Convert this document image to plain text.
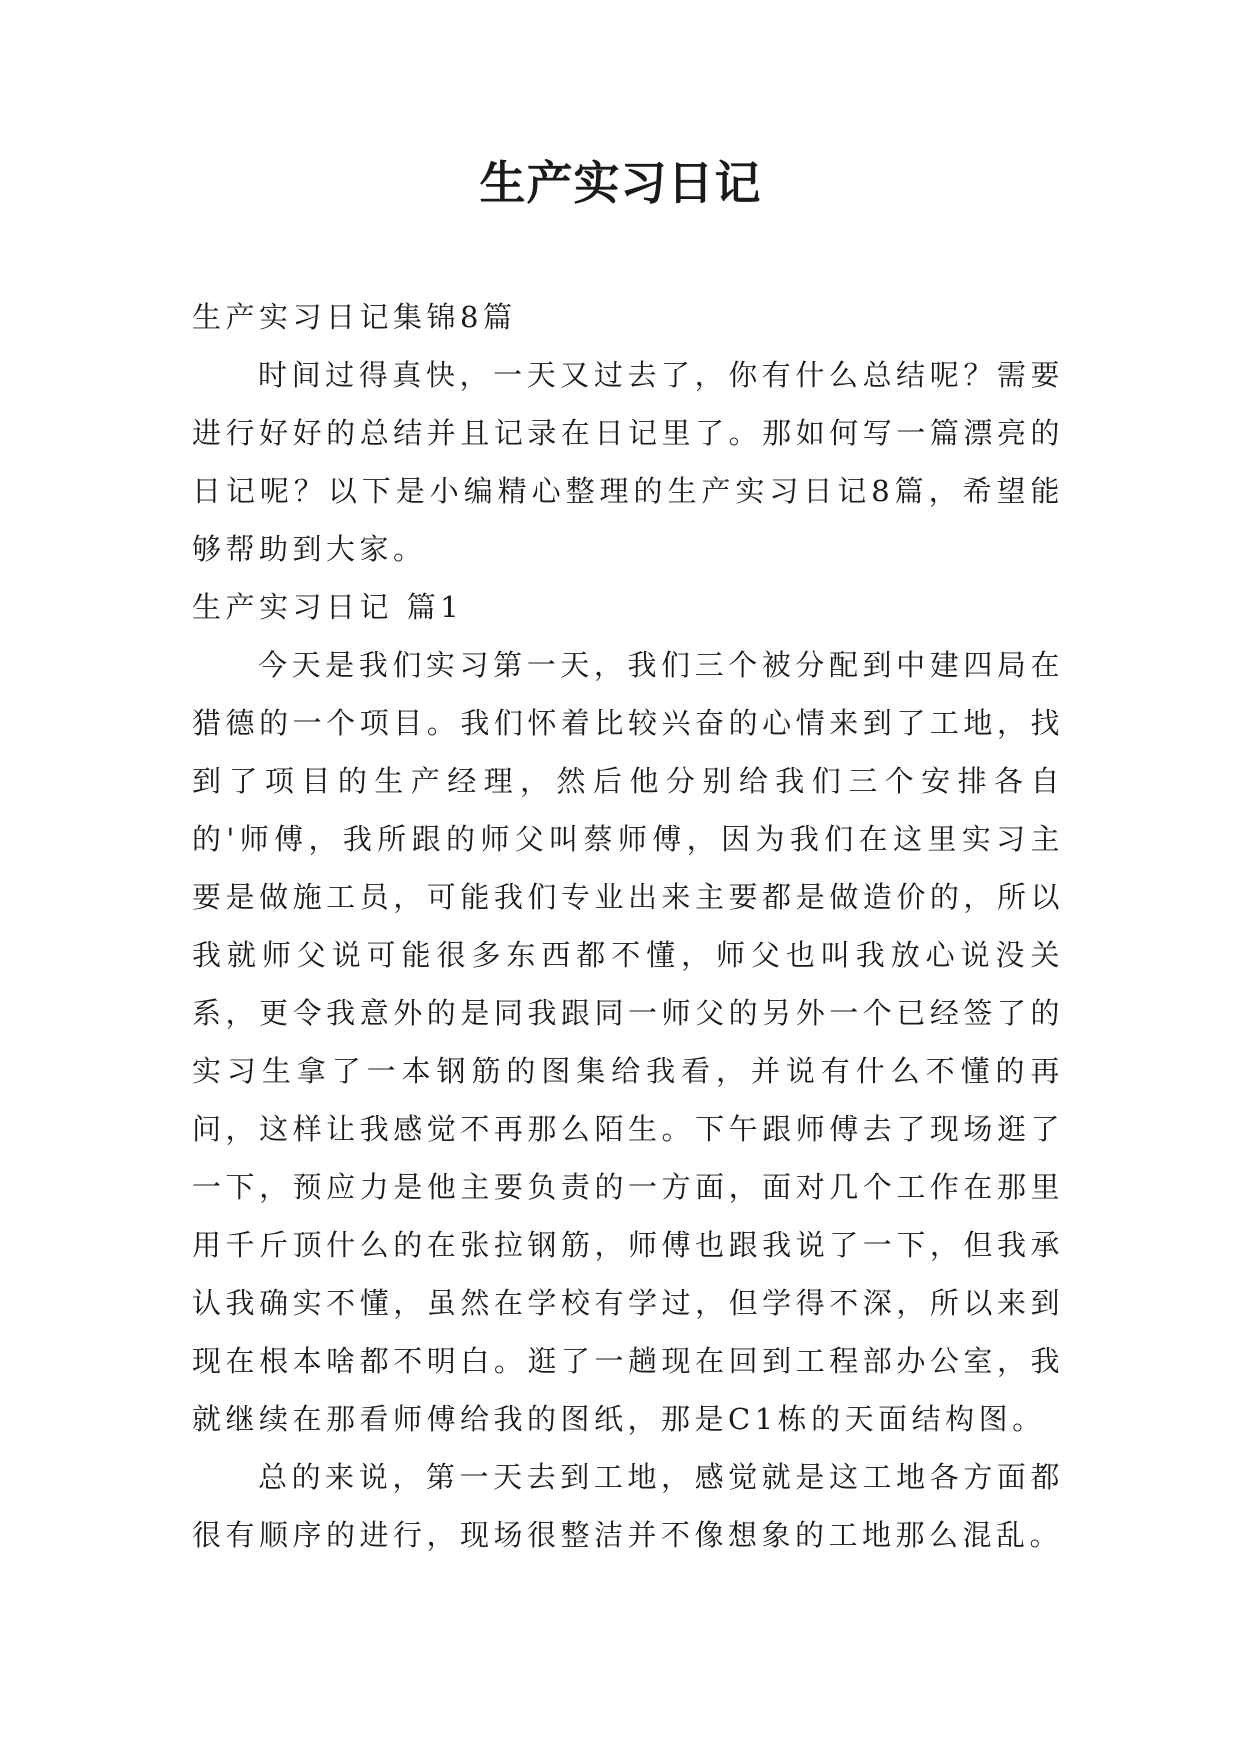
生产实习日记

生产实习日记集锦8篇

时间过得真快，一天又过去了，你有什么总结呢？需要进行好好的总结并且记录在日记里了。那如何写一篇漂亮的日记呢？以下是小编精心整理的生产实习日记8篇，希望能够帮助到大家。

生产实习日记 篇1

今天是我们实习第一天，我们三个被分配到中建四局在猎德的一个项目。我们怀着比较兴奋的心情来到了工地，找到了项目的生产经理，然后他分别给我们三个安排各自的'师傅，我所跟的师父叫蔡师傅，因为我们在这里实习主要是做施工员，可能我们专业出来主要都是做造价的，所以我就师父说可能很多东西都不懂，师父也叫我放心说没关系，更令我意外的是同我跟同一师父的另外一个已经签了的实习生拿了一本钢筋的图集给我看，并说有什么不懂的再问，这样让我感觉不再那么陌生。下午跟师傅去了现场逛了一下，预应力是他主要负责的一方面，面对几个工作在那里用千斤顶什么的在张拉钢筋，师傅也跟我说了一下，但我承认我确实不懂，虽然在学校有学过，但学得不深，所以来到现在根本啥都不明白。逛了一趟现在回到工程部办公室，我就继续在那看师傅给我的图纸，那是C1栋的天面结构图。

总的来说，第一天去到工地，感觉就是这工地各方面都很有顺序的进行，现场很整洁并不像想象的工地那么混乱。
